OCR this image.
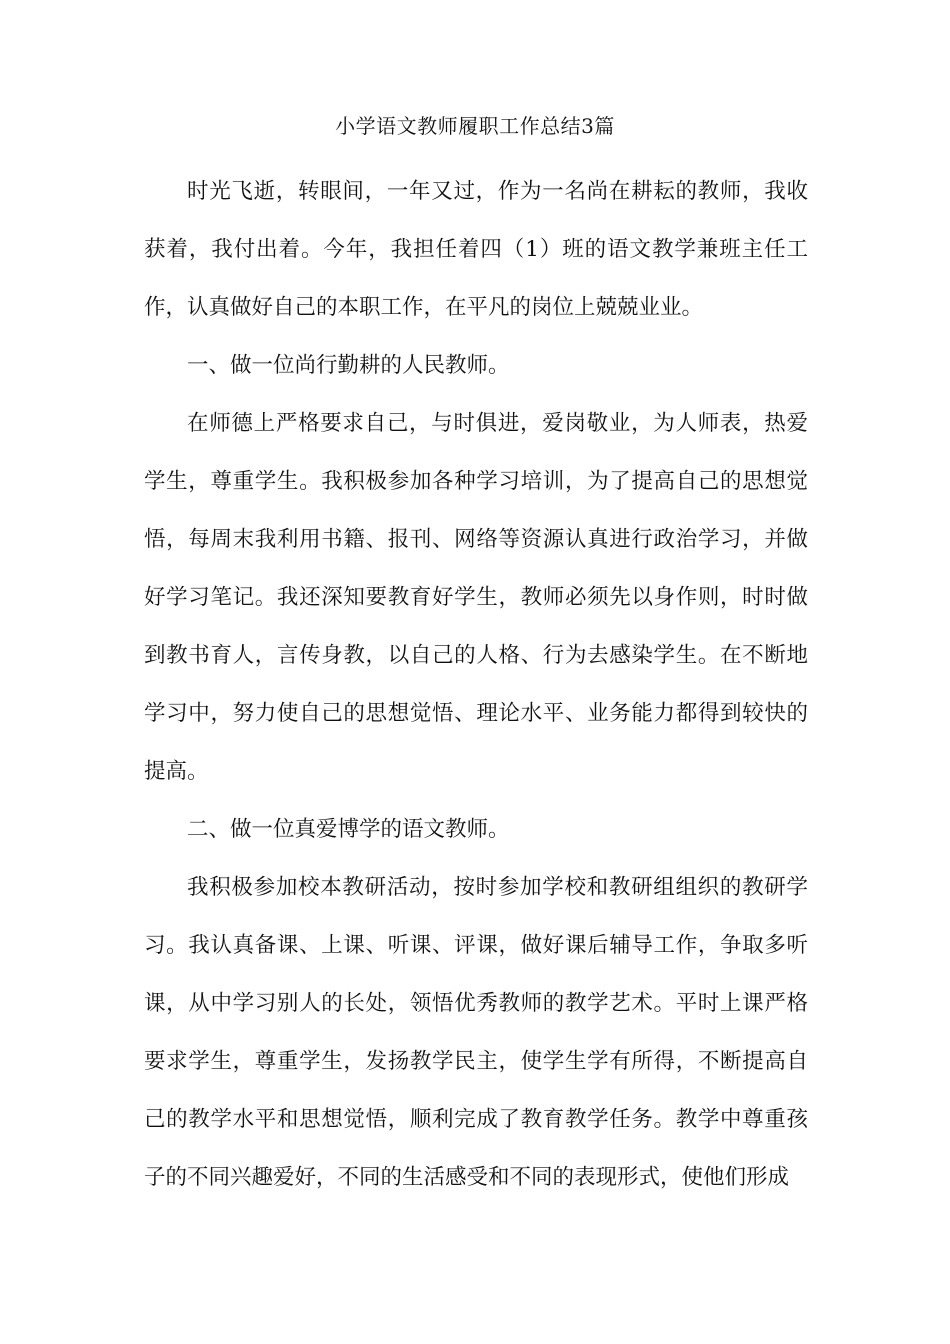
小学语文教师履职工作总结3篇

时光飞逝，转眼间，一年又过，作为一名尚在耕耘的教师，我收获着，我付出着。今年，我担任着四（1）班的语文教学兼班主任工作，认真做好自己的本职工作，在平凡的岗位上兢兢业业。

一、做一位尚行勤耕的人民教师。

在师德上严格要求自己，与时俱进，爱岗敬业，为人师表，热爱学生，尊重学生。我积极参加各种学习培训，为了提高自己的思想觉悟，每周末我利用书籍、报刊、网络等资源认真进行政治学习，并做好学习笔记。我还深知要教育好学生，教师必须先以身作则，时时做到教书育人，言传身教，以自己的人格、行为去感染学生。在不断地学习中，努力使自己的思想觉悟、理论水平、业务能力都得到较快的提高。

二、做一位真爱博学的语文教师。

我积极参加校本教研活动，按时参加学校和教研组组织的教研学习。我认真备课、上课、听课、评课，做好课后辅导工作，争取多听课，从中学习别人的长处，领悟优秀教师的教学艺术。平时上课严格要求学生，尊重学生，发扬教学民主，使学生学有所得，不断提高自己的教学水平和思想觉悟，顺利完成了教育教学任务。教学中尊重孩子的不同兴趣爱好，不同的生活感受和不同的表现形式，使他们形成
